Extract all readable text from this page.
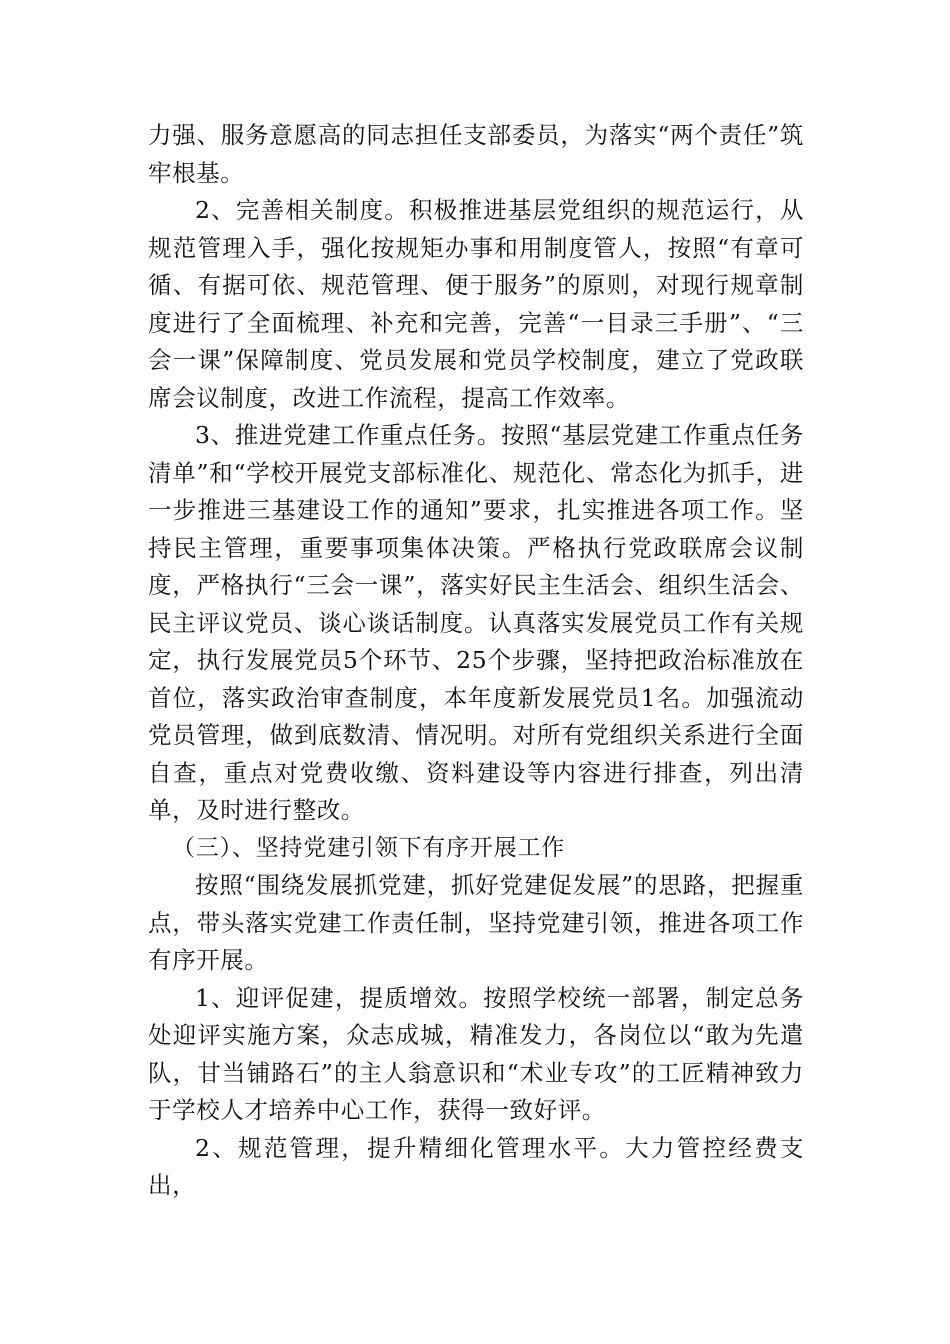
力强、服务意愿高的同志担任支部委员，为落实“两个责任”筑牢根基。

2、完善相关制度。积极推进基层党组织的规范运行，从规范管理入手，强化按规矩办事和用制度管人，按照“有章可循、有据可依、规范管理、便于服务”的原则，对现行规章制度进行了全面梳理、补充和完善，完善“一目录三手册”、“三会一课”保障制度、党员发展和党员学校制度，建立了党政联席会议制度，改进工作流程，提高工作效率。

3、推进党建工作重点任务。按照“基层党建工作重点任务清单”和“学校开展党支部标准化、规范化、常态化为抓手，进一步推进三基建设工作的通知”要求，扎实推进各项工作。坚持民主管理，重要事项集体决策。严格执行党政联席会议制度，严格执行“三会一课”，落实好民主生活会、组织生活会、民主评议党员、谈心谈话制度。认真落实发展党员工作有关规定，执行发展党员5个环节、25个步骤，坚持把政治标准放在首位，落实政治审查制度，本年度新发展党员1名。加强流动党员管理，做到底数清、情况明。对所有党组织关系进行全面自查，重点对党费收缴、资料建设等内容进行排查，列出清单，及时进行整改。

（三）、坚持党建引领下有序开展工作

按照“围绕发展抓党建，抓好党建促发展”的思路，把握重点，带头落实党建工作责任制，坚持党建引领，推进各项工作有序开展。

1、迎评促建，提质增效。按照学校统一部署，制定总务处迎评实施方案，众志成城，精准发力，各岗位以“敢为先遣队，甘当铺路石”的主人翁意识和“术业专攻”的工匠精神致力于学校人才培养中心工作，获得一致好评。

2、规范管理，提升精细化管理水平。大力管控经费支出，
